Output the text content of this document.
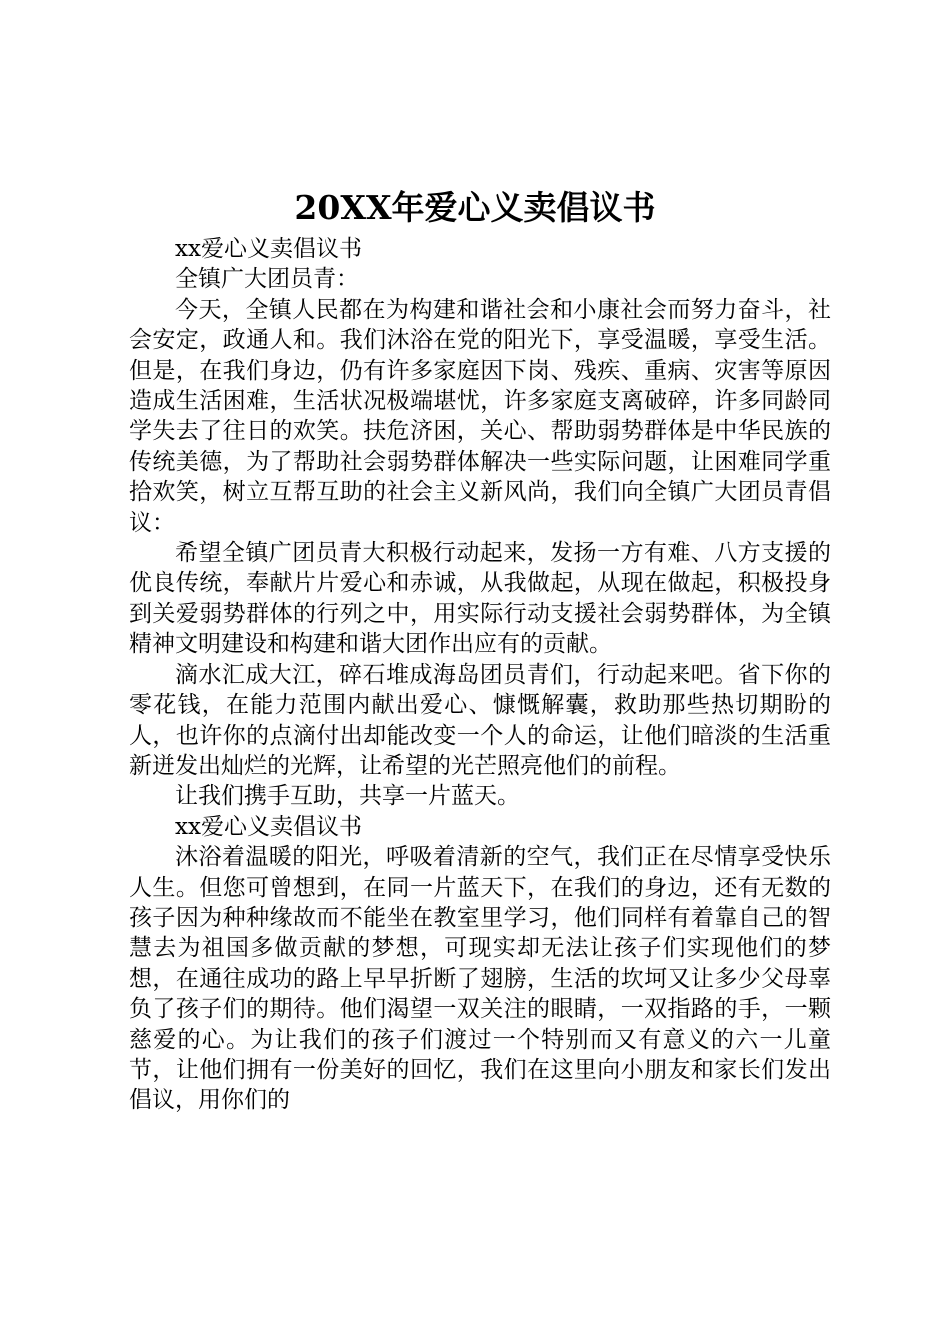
20XX年爱心义卖倡议书

xx爱心义卖倡议书

全镇广大团员青：

今天，全镇人民都在为构建和谐社会和小康社会而努力奋斗，社会安定，政通人和。我们沐浴在党的阳光下，享受温暖，享受生活。但是，在我们身边，仍有许多家庭因下岗、残疾、重病、灾害等原因造成生活困难，生活状况极端堪忧，许多家庭支离破碎，许多同龄同学失去了往日的欢笑。扶危济困，关心、帮助弱势群体是中华民族的传统美德，为了帮助社会弱势群体解决一些实际问题，让困难同学重拾欢笑，树立互帮互助的社会主义新风尚，我们向全镇广大团员青倡议：

希望全镇广团员青大积极行动起来，发扬一方有难、八方支援的优良传统，奉献片片爱心和赤诚，从我做起，从现在做起，积极投身到关爱弱势群体的行列之中，用实际行动支援社会弱势群体，为全镇精神文明建设和构建和谐大团作出应有的贡献。

滴水汇成大江，碎石堆成海岛团员青们，行动起来吧。省下你的零花钱，在能力范围内献出爱心、慷慨解囊，救助那些热切期盼的人，也许你的点滴付出却能改变一个人的命运，让他们暗淡的生活重新迸发出灿烂的光辉，让希望的光芒照亮他们的前程。

让我们携手互助，共享一片蓝天。

xx爱心义卖倡议书

沐浴着温暖的阳光，呼吸着清新的空气，我们正在尽情享受快乐人生。但您可曾想到，在同一片蓝天下，在我们的身边，还有无数的孩子因为种种缘故而不能坐在教室里学习，他们同样有着靠自己的智慧去为祖国多做贡献的梦想，可现实却无法让孩子们实现他们的梦想，在通往成功的路上早早折断了翅膀，生活的坎坷又让多少父母辜负了孩子们的期待。他们渴望一双关注的眼睛，一双指路的手，一颗慈爱的心。为让我们的孩子们渡过一个特别而又有意义的六一儿童节，让他们拥有一份美好的回忆，我们在这里向小朋友和家长们发出倡议，用你们的
